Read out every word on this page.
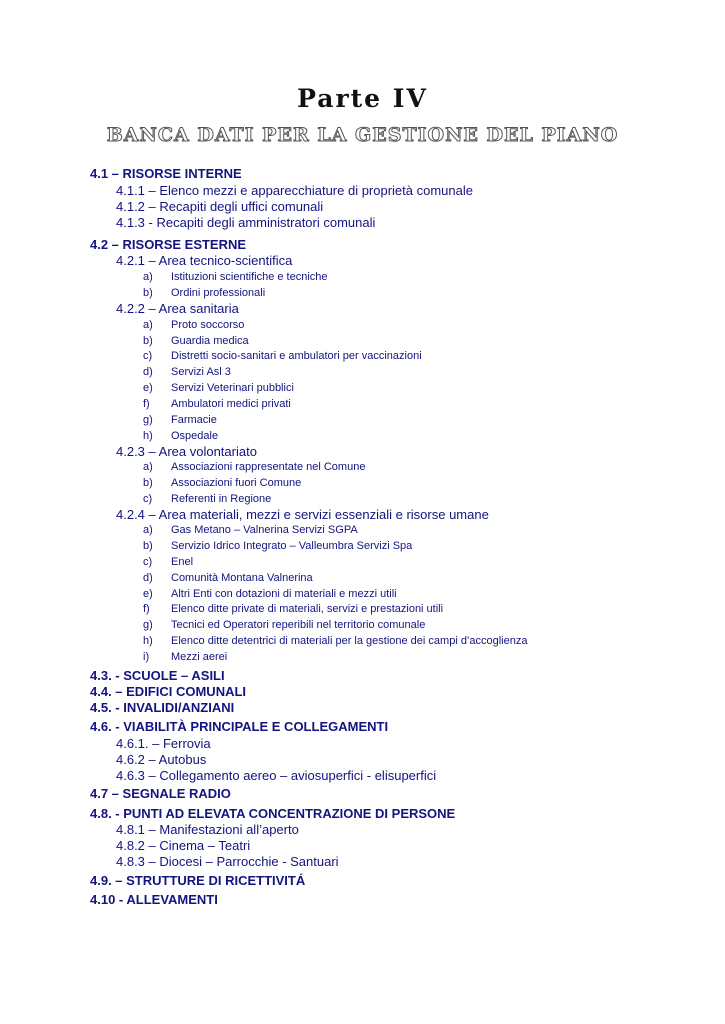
Parte IV
BANCA DATI PER LA GESTIONE DEL PIANO
4.1 – RISORSE INTERNE
4.1.1 – Elenco mezzi e apparecchiature di proprietà comunale
4.1.2 – Recapiti degli uffici comunali
4.1.3 - Recapiti degli amministratori comunali
4.2 – RISORSE ESTERNE
4.2.1 – Area tecnico-scientifica
a) Istituzioni scientifiche e tecniche
b) Ordini professionali
4.2.2 – Area sanitaria
a) Proto soccorso
b) Guardia medica
c) Distretti socio-sanitari e ambulatori per vaccinazioni
d) Servizi Asl 3
e) Servizi Veterinari pubblici
f) Ambulatori medici privati
g) Farmacie
h) Ospedale
4.2.3 – Area volontariato
a) Associazioni rappresentate nel Comune
b) Associazioni fuori Comune
c) Referenti in Regione
4.2.4 – Area materiali, mezzi e servizi essenziali e risorse umane
a) Gas Metano – Valnerina Servizi SGPA
b) Servizio Idrico Integrato – Valleumbra Servizi Spa
c) Enel
d) Comunità Montana Valnerina
e) Altri Enti con dotazioni di materiali e mezzi utili
f) Elenco ditte private di materiali, servizi e prestazioni utili
g) Tecnici ed Operatori reperibili nel territorio comunale
h) Elenco ditte detentrici di materiali per la gestione dei campi d’accoglienza
i) Mezzi aerei
4.3. - SCUOLE – ASILI
4.4. – EDIFICI COMUNALI
4.5. - INVALIDI/ANZIANI
4.6. - VIABILITÀ PRINCIPALE E COLLEGAMENTI
4.6.1. – Ferrovia
4.6.2 – Autobus
4.6.3 – Collegamento aereo – aviosuperfici - elisuperfici
4.7 – SEGNALE RADIO
4.8. - PUNTI AD ELEVATA CONCENTRAZIONE DI PERSONE
4.8.1 – Manifestazioni all’aperto
4.8.2 – Cinema – Teatri
4.8.3 – Diocesi – Parrocchie - Santuari
4.9. – STRUTTURE DI RICETTIVITÁ
4.10 - ALLEVAMENTI
